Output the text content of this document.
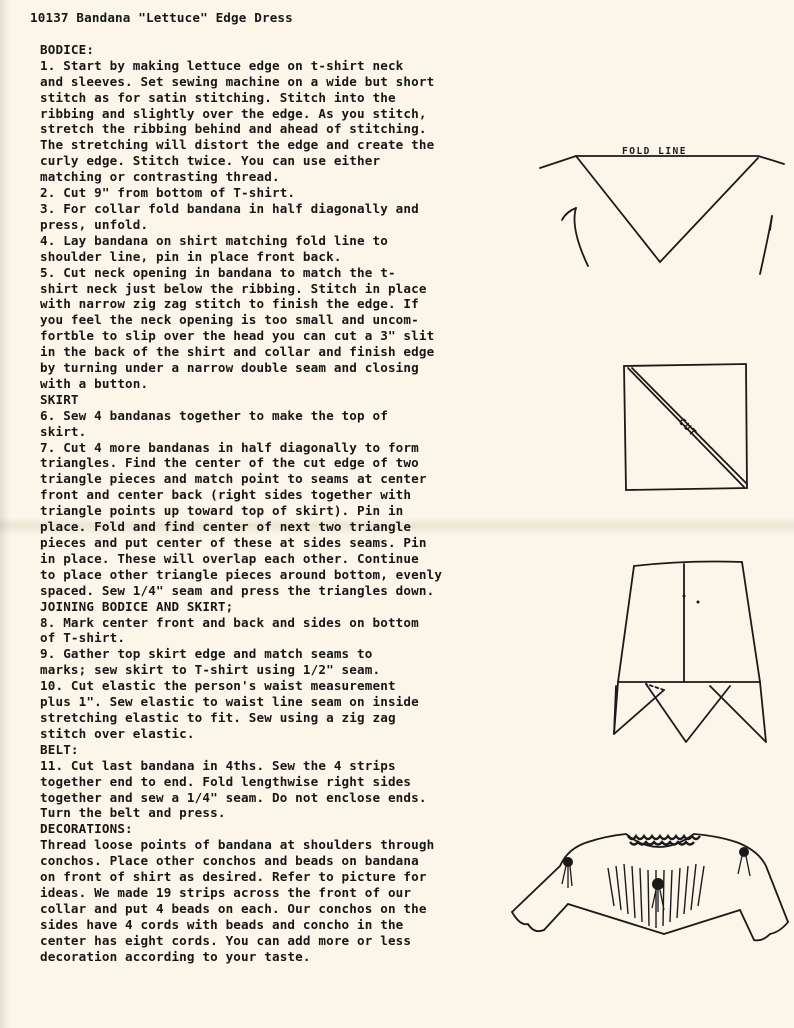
10137 Bandana "Lettuce" Edge Dress
BODICE:
1. Start by making lettuce edge on t-shirt neck
and sleeves. Set sewing machine on a wide but short
stitch as for satin stitching. Stitch into the
ribbing and slightly over the edge. As you stitch,
stretch the ribbing behind and ahead of stitching.
The stretching will distort the edge and create the
curly edge. Stitch twice. You can use either
matching or contrasting thread.
2. Cut 9" from bottom of T-shirt.
3. For collar fold bandana in half diagonally and
press, unfold.
4. Lay bandana on shirt matching fold line to
shoulder line, pin in place front back.
5. Cut neck opening in bandana to match the t-
shirt neck just below the ribbing. Stitch in place
with narrow zig zag stitch to finish the edge. If
you feel the neck opening is too small and uncom-
fortble to slip over the head you can cut a 3" slit
in the back of the shirt and collar and finish edge
by turning under a narrow double seam and closing
with a button.
SKIRT
6. Sew 4 bandanas together to make the top of
skirt.
7. Cut 4 more bandanas in half diagonally to form
triangles. Find the center of the cut edge of two
triangle pieces and match point to seams at center
front and center back (right sides together with
triangle points up toward top of skirt). Pin in
place. Fold and find center of next two triangle
pieces and put center of these at sides seams. Pin
in place. These will overlap each other. Continue
to place other triangle pieces around bottom, evenly
spaced. Sew 1/4" seam and press the triangles down.
JOINING BODICE AND SKIRT;
8. Mark center front and back and sides on bottom
of T-shirt.
9. Gather top skirt edge and match seams to
marks; sew skirt to T-shirt using 1/2" seam.
10. Cut elastic the person's waist measurement
plus 1". Sew elastic to waist line seam on inside
stretching elastic to fit. Sew using a zig zag
stitch over elastic.
BELT:
11. Cut last bandana in 4ths. Sew the 4 strips
together end to end. Fold lengthwise right sides
together and sew a 1/4" seam. Do not enclose ends.
Turn the belt and press.
DECORATIONS:
Thread loose points of bandana at shoulders through
conchos. Place other conchos and beads on bandana
on front of shirt as desired. Refer to picture for
ideas. We made 19 strips across the front of our
collar and put 4 beads on each. Our conchos on the
sides have 4 cords with beads and concho in the
center has eight cords. You can add more or less
decoration according to your taste.
FOLD LINE
CUT
